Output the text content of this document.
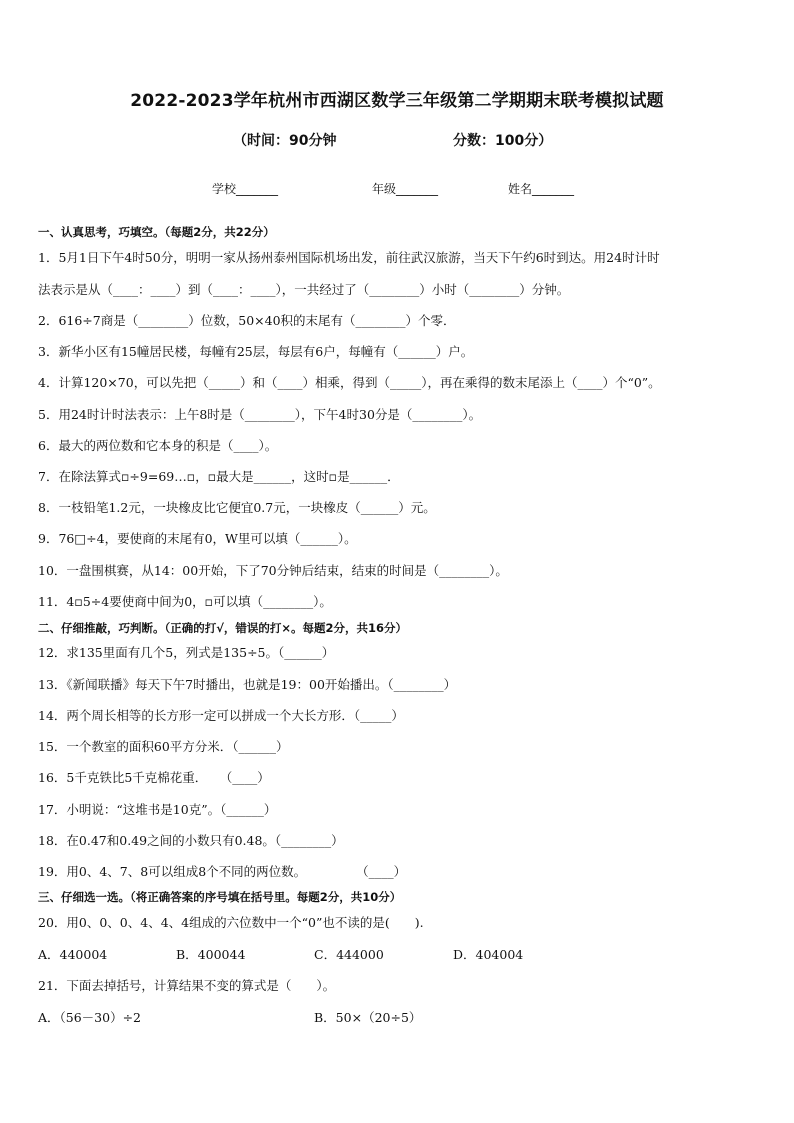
2022-2023学年杭州市西湖区数学三年级第二学期期末联考模拟试题
（时间：90分钟	分数：100分）
学校_______	年级_______	姓名_______
一、认真思考，巧填空。（每题2分，共22分）
1．5月1日下午4时50分，明明一家从扬州泰州国际机场出发，前往武汉旅游，当天下午约6时到达。用24时计时
法表示是从（____：____）到（____：____），一共经过了（________）小时（________）分钟。
2．616÷7商是（________）位数，50×40积的末尾有（________）个零．
3．新华小区有15幢居民楼，每幢有25层，每层有6户，每幢有（______）户。
4．计算120×70，可以先把（_____）和（____）相乘，得到（_____），再在乘得的数末尾添上（____）个“0”。
5．用24时计时法表示：上午8时是（________），下午4时30分是（________）。
6．最大的两位数和它本身的积是（____）。
7．在除法算式▫÷9=69…▫，▫最大是______，这时▫是______．
8．一枝铅笔1.2元，一块橡皮比它便宜0.7元，一块橡皮（______）元。
9．76□÷4，要使商的末尾有0，W里可以填（______）。
10．一盘围棋赛，从14：00开始，下了70分钟后结束，结束的时间是（________）。
11．4▫5÷4要使商中间为0，▫可以填（________）。
二、仔细推敲，巧判断。（正确的打√，错误的打×。每题2分，共16分）
12．求135里面有几个5，列式是135÷5。（______）
13．《新闻联播》每天下午7时播出，也就是19：00开始播出。（________）
14．两个周长相等的长方形一定可以拼成一个大长方形．（_____）
15．一个教室的面积60平方分米．（______）
16．5千克铁比5千克棉花重．　　（____）
17．小明说：“这堆书是10克”。（______）
18．在0.47和0.49之间的小数只有0.48。（________）
19．用0、4、7、8可以组成8个不同的两位数。　　　　　（____）
三、仔细选一选。（将正确答案的序号填在括号里。每题2分，共10分）
20．用0、0、0、4、4、4组成的六位数中一个“0”也不读的是(　　).
A．440004	B．400044	C．444000	D．404004
21．下面去掉括号，计算结果不变的算式是（　　）。
A．（56－30）÷2	B．50×（20÷5）
